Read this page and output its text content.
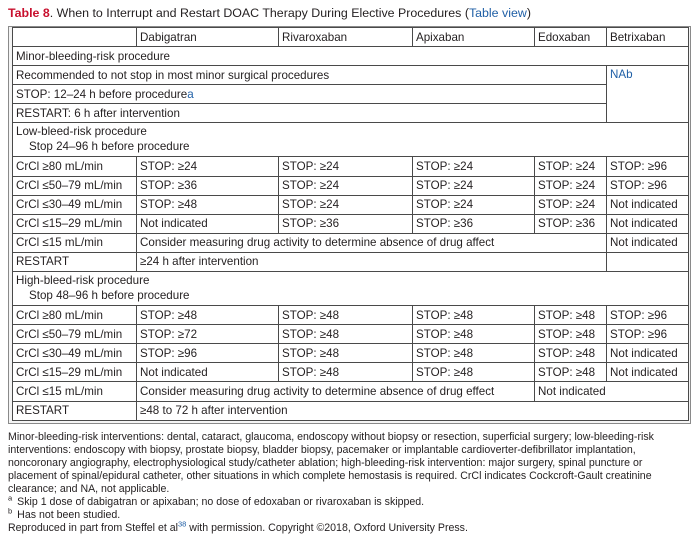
Table 8. When to Interrupt and Restart DOAC Therapy During Elective Procedures (Table view)
	Dabigatran	Rivaroxaban	Apixaban	Edoxaban	Betrixaban
Minor-bleeding-risk procedure					
Recommended to not stop in most minor surgical procedures					NAb
STOP: 12–24 h before procedurea					
RESTART: 6 h after intervention					
Low-bleed-risk procedure
Stop 24–96 h before procedure					

CrCl ≥80 mL/min	STOP: ≥24	STOP: ≥24	STOP: ≥24	STOP: ≥24	STOP: ≥96
CrCl ≤50–79 mL/min	STOP: ≥36	STOP: ≥24	STOP: ≥24	STOP: ≥24	STOP: ≥96
CrCl ≤30–49 mL/min	STOP: ≥48	STOP: ≥24	STOP: ≥24	STOP: ≥24	Not indicated
CrCl ≤15–29 mL/min	Not indicated	STOP: ≥36	STOP: ≥36	STOP: ≥36	Not indicated
CrCl ≤15 mL/min	Consider measuring drug activity to determine absence of drug affect				Not indicated
RESTART	≥24 h after intervention				
High-bleed-risk procedure
Stop 48–96 h before procedure					

CrCl ≥80 mL/min	STOP: ≥48	STOP: ≥48	STOP: ≥48	STOP: ≥48	STOP: ≥96
CrCl ≤50–79 mL/min	STOP: ≥72	STOP: ≥48	STOP: ≥48	STOP: ≥48	STOP: ≥96
CrCl ≤30–49 mL/min	STOP: ≥96	STOP: ≥48	STOP: ≥48	STOP: ≥48	Not indicated
CrCl ≤15–29 mL/min	Not indicated	STOP: ≥48	STOP: ≥48	STOP: ≥48	Not indicated
CrCl ≤15 mL/min	Consider measuring drug activity to determine absence of drug effect			Not indicated	
RESTART	≥48 to 72 h after intervention				

Minor-bleeding-risk interventions: dental, cataract, glaucoma, endoscopy without biopsy or resection, superficial surgery; low-bleeding-risk interventions: endoscopy with biopsy, prostate biopsy, bladder biopsy, pacemaker or implantable cardioverter-defibrillator implantation, noncoronary angiography, electrophysiological study/catheter ablation; high-bleeding-risk intervention: major surgery, spinal puncture or placement of spinal/epidural catheter, other situations in which complete hemostasis is required. CrCl indicates Cockcroft-Gault creatinine clearance; and NA, not applicable.

$^a$ Skip 1 dose of dabigatran or apixaban; no dose of edoxaban or rivaroxaban is skipped.

$^b$ Has not been studied.

Reproduced in part from Steffel et $al^{38}$ with permission. Copyright ©2018, Oxford University Press.
